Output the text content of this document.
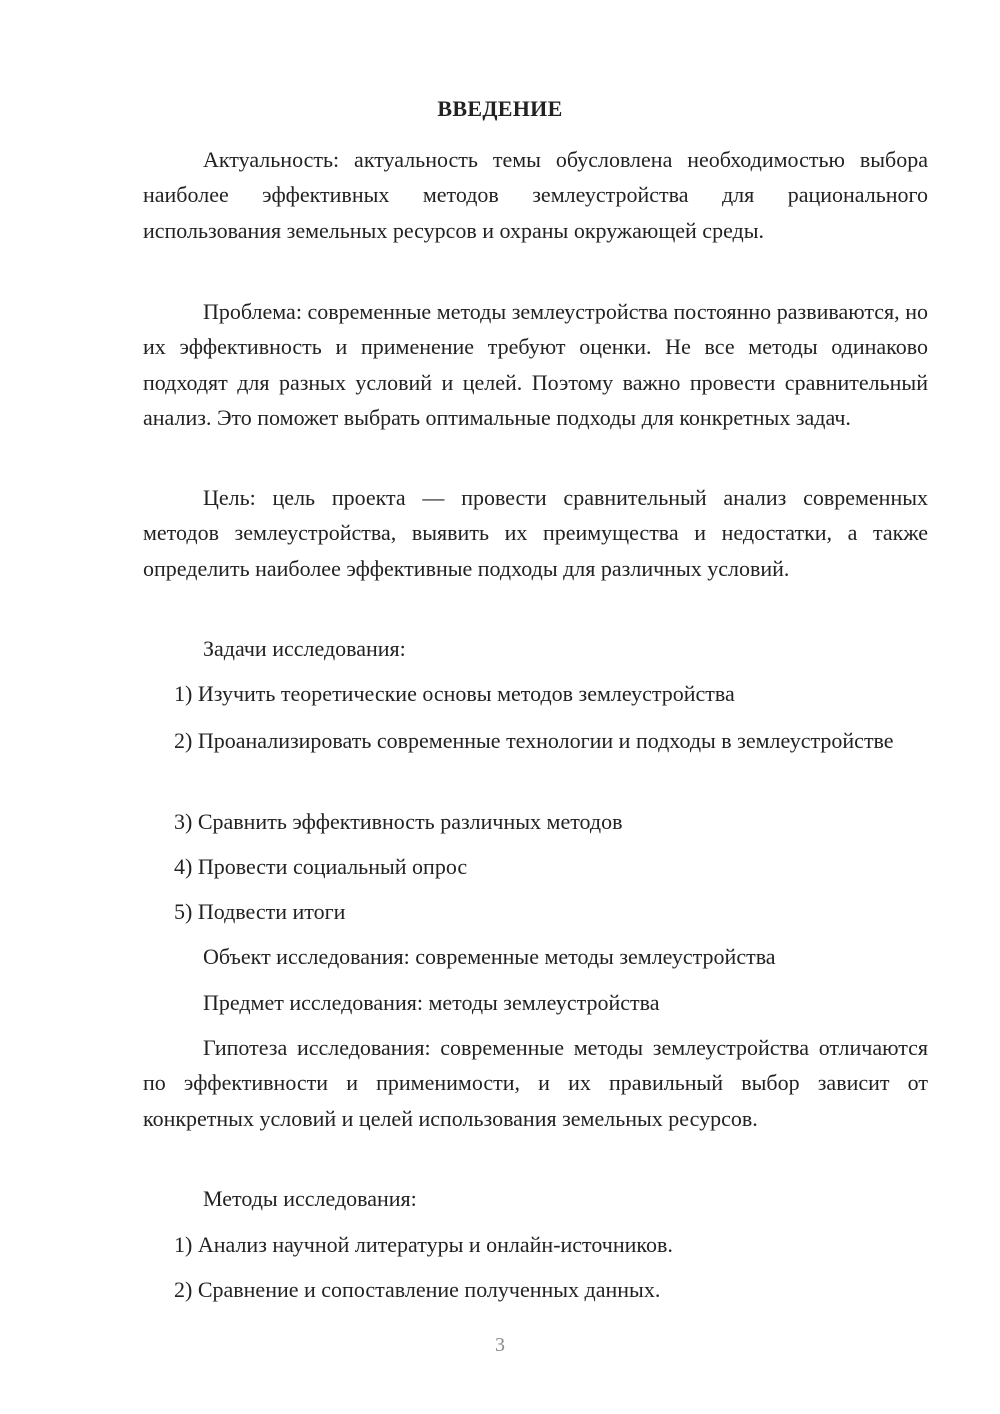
ВВЕДЕНИЕ

Актуальность: актуальность темы обусловлена необходимостью выбора наиболее эффективных методов землеустройства для рационального использования земельных ресурсов и охраны окружающей среды.

Проблема: современные методы землеустройства постоянно развиваются, но их эффективность и применение требуют оценки. Не все методы одинаково подходят для разных условий и целей. Поэтому важно провести сравнительный анализ. Это поможет выбрать оптимальные подходы для конкретных задач.

Цель: цель проекта — провести сравнительный анализ современных методов землеустройства, выявить их преимущества и недостатки, а также определить наиболее эффективные подходы для различных условий.

Задачи исследования:

1) Изучить теоретические основы методов землеустройства

2) Проанализировать современные технологии и подходы в землеустройстве

3) Сравнить эффективность различных методов

4) Провести социальный опрос

5) Подвести итоги

Объект исследования: современные методы землеустройства

Предмет исследования: методы землеустройства

Гипотеза исследования: современные методы землеустройства отличаются по эффективности и применимости, и их правильный выбор зависит от конкретных условий и целей использования земельных ресурсов.

Методы исследования:

1) Анализ научной литературы и онлайн-источников.

2) Сравнение и сопоставление полученных данных.

3
